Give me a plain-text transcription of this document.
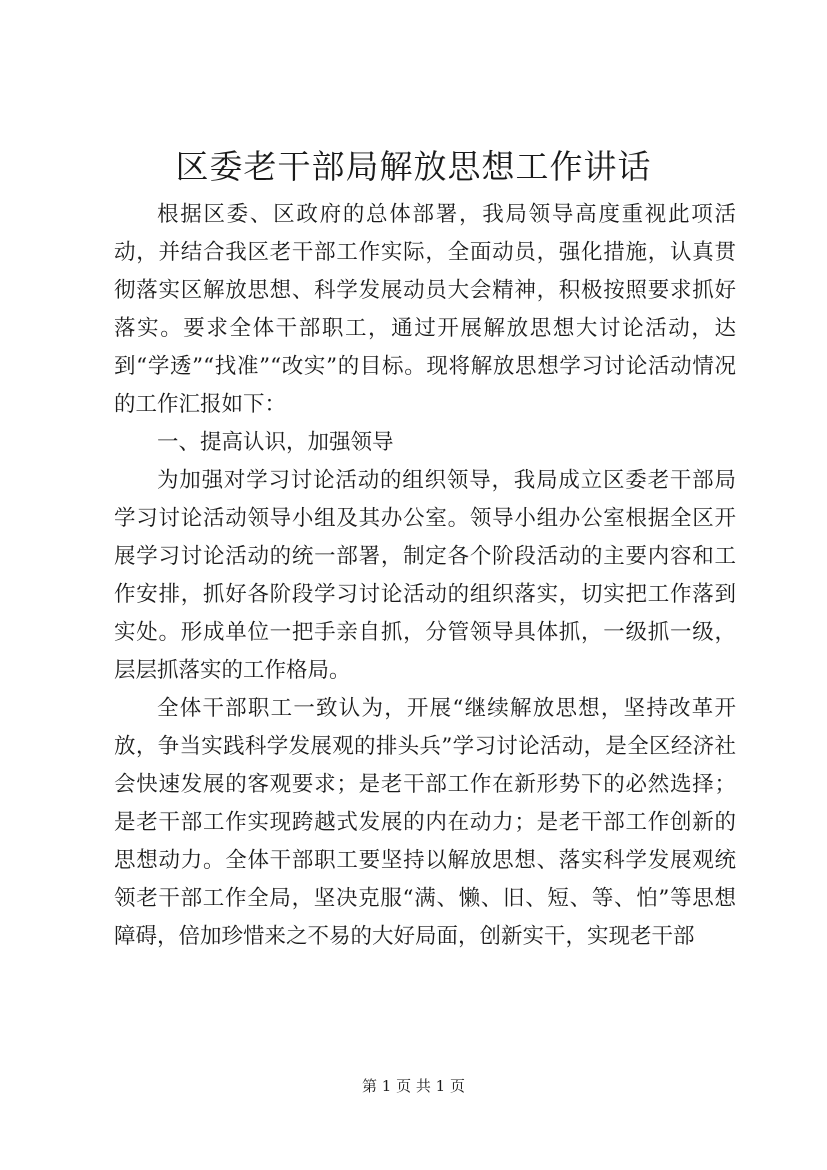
区委老干部局解放思想工作讲话

根据区委、区政府的总体部署，我局领导高度重视此项活动，并结合我区老干部工作实际，全面动员，强化措施，认真贯彻落实区解放思想、科学发展动员大会精神，积极按照要求抓好落实。要求全体干部职工，通过开展解放思想大讨论活动，达到“学透”“找准”“改实”的目标。现将解放思想学习讨论活动情况的工作汇报如下：

一、提高认识，加强领导

为加强对学习讨论活动的组织领导，我局成立区委老干部局学习讨论活动领导小组及其办公室。领导小组办公室根据全区开展学习讨论活动的统一部署，制定各个阶段活动的主要内容和工作安排，抓好各阶段学习讨论活动的组织落实，切实把工作落到实处。形成单位一把手亲自抓，分管领导具体抓，一级抓一级，层层抓落实的工作格局。

全体干部职工一致认为，开展“继续解放思想，坚持改革开放，争当实践科学发展观的排头兵”学习讨论活动，是全区经济社会快速发展的客观要求；是老干部工作在新形势下的必然选择；是老干部工作实现跨越式发展的内在动力；是老干部工作创新的思想动力。全体干部职工要坚持以解放思想、落实科学发展观统领老干部工作全局，坚决克服“满、懒、旧、短、等、怕”等思想障碍，倍加珍惜来之不易的大好局面，创新实干，实现老干部

第 1 页 共 1 页
